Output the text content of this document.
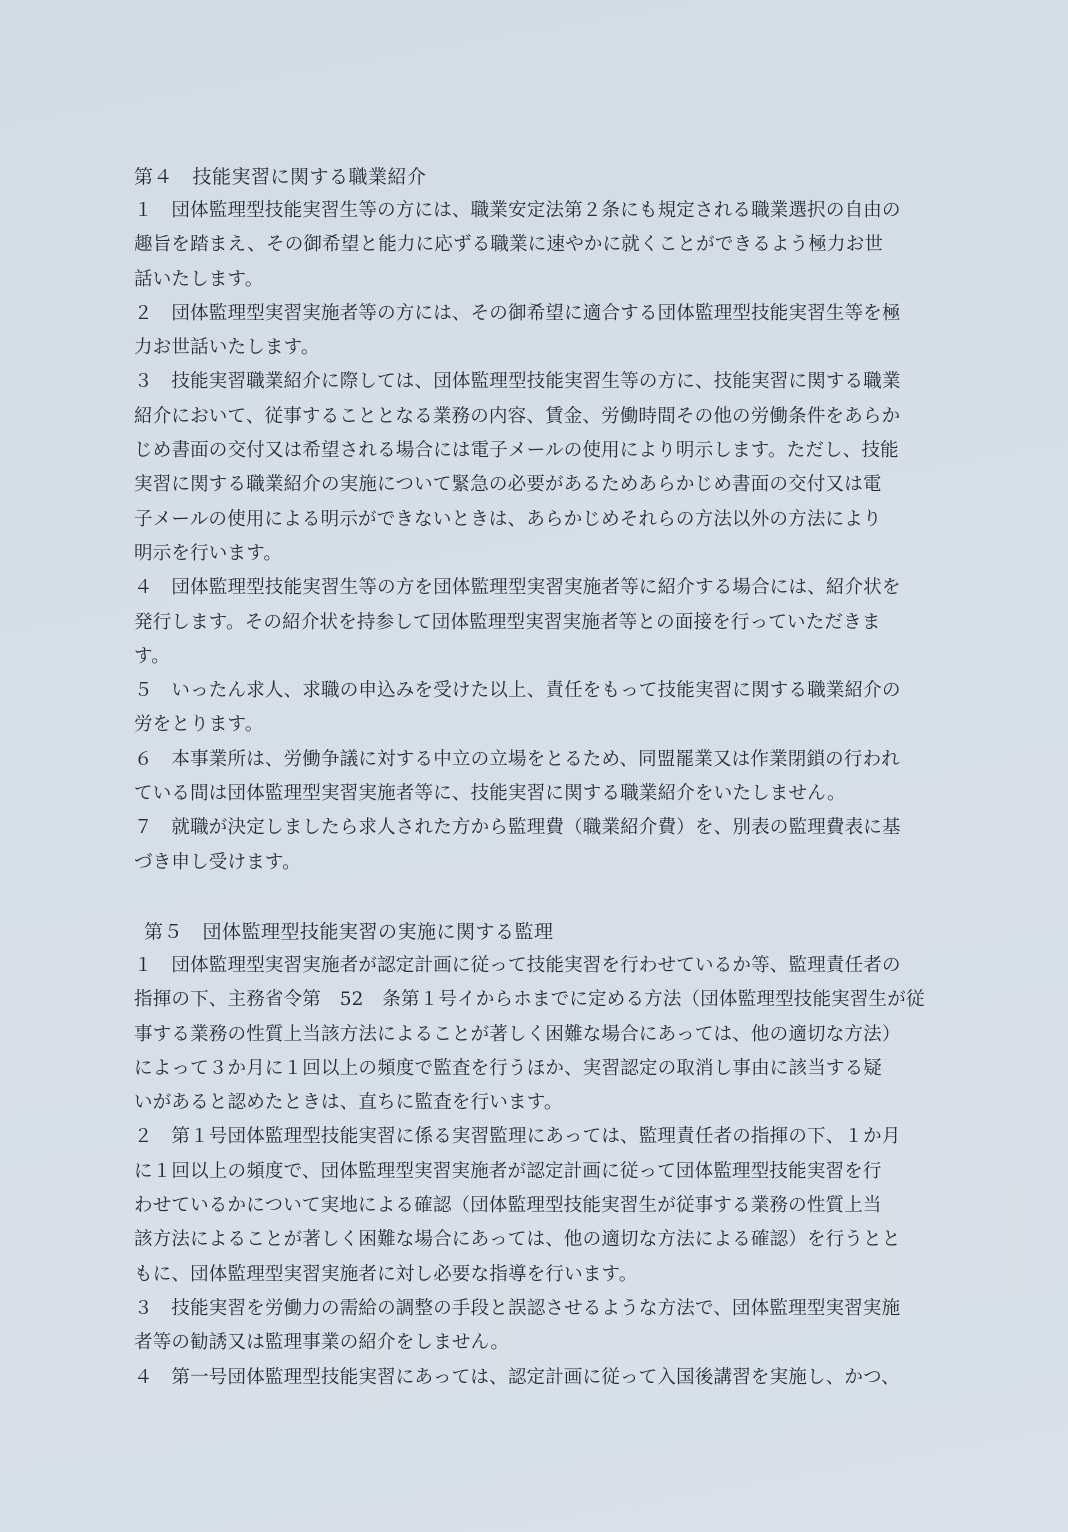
第４　技能実習に関する職業紹介
１　団体監理型技能実習生等の方には、職業安定法第２条にも規定される職業選択の自由の
趣旨を踏まえ、その御希望と能力に応ずる職業に速やかに就くことができるよう極力お世
話いたします。
２　団体監理型実習実施者等の方には、その御希望に適合する団体監理型技能実習生等を極
力お世話いたします。
３　技能実習職業紹介に際しては、団体監理型技能実習生等の方に、技能実習に関する職業
紹介において、従事することとなる業務の内容、賃金、労働時間その他の労働条件をあらか
じめ書面の交付又は希望される場合には電子メールの使用により明示します。ただし、技能
実習に関する職業紹介の実施について緊急の必要があるためあらかじめ書面の交付又は電
子メールの使用による明示ができないときは、あらかじめそれらの方法以外の方法により
明示を行います。
４　団体監理型技能実習生等の方を団体監理型実習実施者等に紹介する場合には、紹介状を
発行します。その紹介状を持参して団体監理型実習実施者等との面接を行っていただきま
す。
５　いったん求人、求職の申込みを受けた以上、責任をもって技能実習に関する職業紹介の
労をとります。
６　本事業所は、労働争議に対する中立の立場をとるため、同盟罷業又は作業閉鎖の行われ
ている間は団体監理型実習実施者等に、技能実習に関する職業紹介をいたしません。
７　就職が決定しましたら求人された方から監理費（職業紹介費）を、別表の監理費表に基
づき申し受けます。
第５　団体監理型技能実習の実施に関する監理
１　団体監理型実習実施者が認定計画に従って技能実習を行わせているか等、監理責任者の
指揮の下、主務省令第　52　条第１号イからホまでに定める方法（団体監理型技能実習生が従
事する業務の性質上当該方法によることが著しく困難な場合にあっては、他の適切な方法）
によって３か月に１回以上の頻度で監査を行うほか、実習認定の取消し事由に該当する疑
いがあると認めたときは、直ちに監査を行います。
２　第１号団体監理型技能実習に係る実習監理にあっては、監理責任者の指揮の下、１か月
に１回以上の頻度で、団体監理型実習実施者が認定計画に従って団体監理型技能実習を行
わせているかについて実地による確認（団体監理型技能実習生が従事する業務の性質上当
該方法によることが著しく困難な場合にあっては、他の適切な方法による確認）を行うとと
もに、団体監理型実習実施者に対し必要な指導を行います。
３　技能実習を労働力の需給の調整の手段と誤認させるような方法で、団体監理型実習実施
者等の勧誘又は監理事業の紹介をしません。
４　第一号団体監理型技能実習にあっては、認定計画に従って入国後講習を実施し、かつ、
